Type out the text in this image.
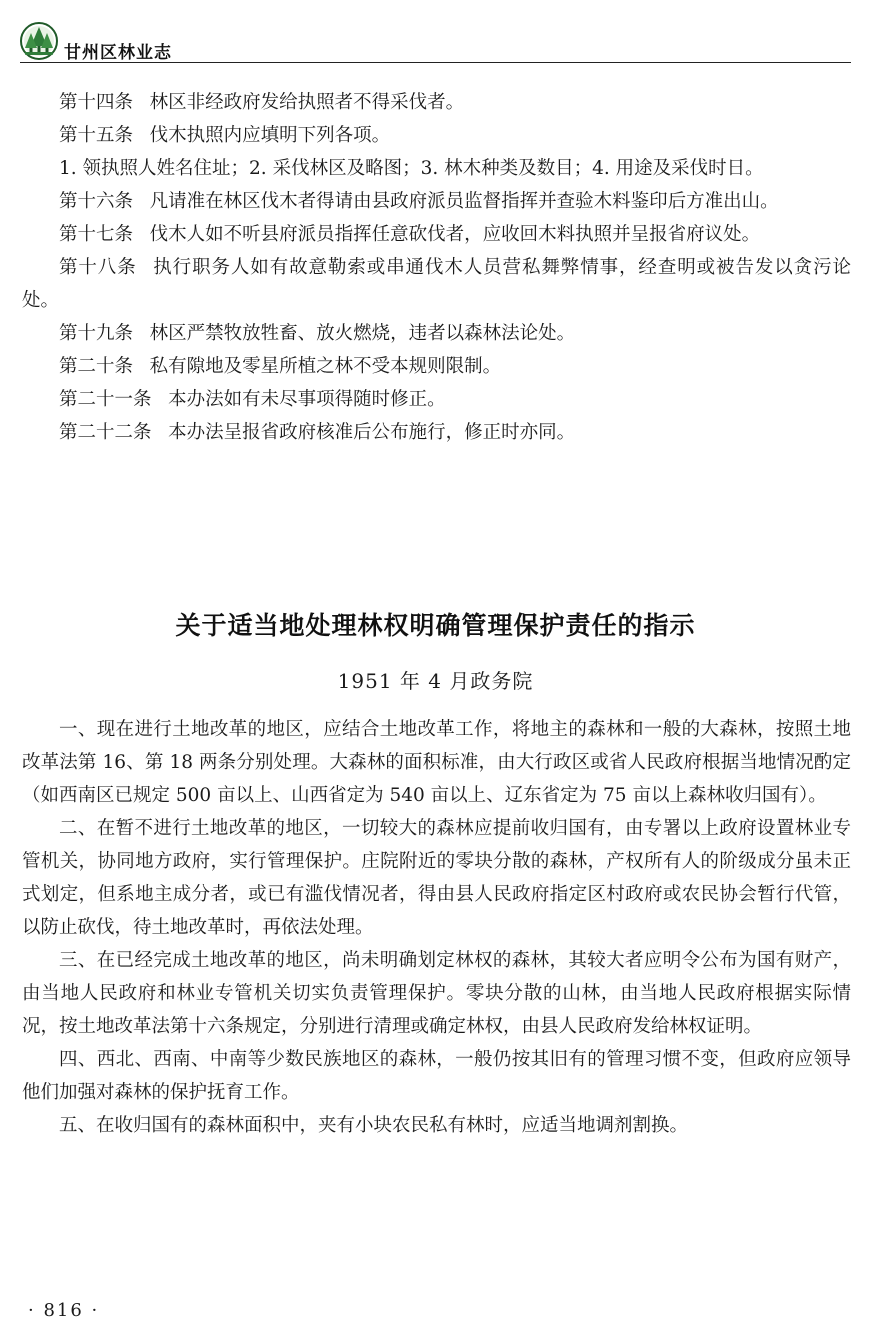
甘州区林业志

第十四条 林区非经政府发给执照者不得采伐者。

第十五条 伐木执照内应填明下列各项。

1. 领执照人姓名住址；2. 采伐林区及略图；3. 林木种类及数目；4. 用途及采伐时日。

第十六条 凡请准在林区伐木者得请由县政府派员监督指挥并查验木料鉴印后方准出山。

第十七条 伐木人如不听县府派员指挥任意砍伐者，应收回木料执照并呈报省府议处。

第十八条 执行职务人如有故意勒索或串通伐木人员营私舞弊情事，经查明或被告发以贪污论处。

第十九条 林区严禁牧放牲畜、放火燃烧，违者以森林法论处。

第二十条 私有隙地及零星所植之林不受本规则限制。

第二十一条 本办法如有未尽事项得随时修正。

第二十二条 本办法呈报省政府核准后公布施行，修正时亦同。

关于适当地处理林权明确管理保护责任的指示
1951 年 4 月政务院

一、现在进行土地改革的地区，应结合土地改革工作，将地主的森林和一般的大森林，按照土地改革法第 16、第 18 两条分别处理。大森林的面积标准，由大行政区或省人民政府根据当地情况酌定（如西南区已规定 500 亩以上、山西省定为 540 亩以上、辽东省定为 75 亩以上森林收归国有）。

二、在暂不进行土地改革的地区，一切较大的森林应提前收归国有，由专署以上政府设置林业专管机关，协同地方政府，实行管理保护。庄院附近的零块分散的森林，产权所有人的阶级成分虽未正式划定，但系地主成分者，或已有滥伐情况者，得由县人民政府指定区村政府或农民协会暂行代管，以防止砍伐，待土地改革时，再依法处理。

三、在已经完成土地改革的地区，尚未明确划定林权的森林，其较大者应明令公布为国有财产，由当地人民政府和林业专管机关切实负责管理保护。零块分散的山林，由当地人民政府根据实际情况，按土地改革法第十六条规定，分别进行清理或确定林权，由县人民政府发给林权证明。

四、西北、西南、中南等少数民族地区的森林，一般仍按其旧有的管理习惯不变，但政府应领导他们加强对森林的保护抚育工作。

五、在收归国有的森林面积中，夹有小块农民私有林时，应适当地调剂割换。

· 816 ·
